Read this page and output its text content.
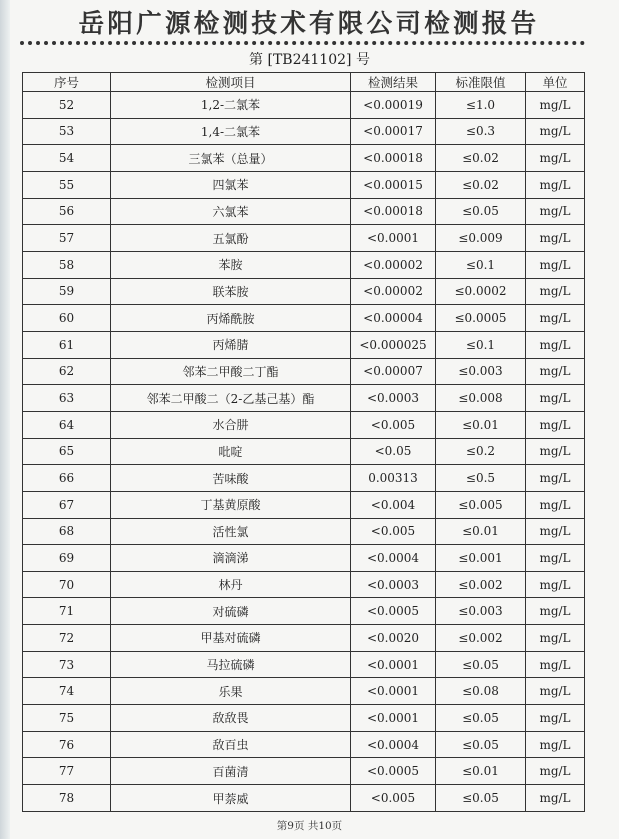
岳阳广源检测技术有限公司检测报告
第 [TB241102] 号
序号	检测项目	检测结果	标准限值	单位
52	1,2-二氯苯	<0.00019	≤1.0	mg/L
53	1,4-二氯苯	<0.00017	≤0.3	mg/L
54	三氯苯（总量）	<0.00018	≤0.02	mg/L
55	四氯苯	<0.00015	≤0.02	mg/L
56	六氯苯	<0.00018	≤0.05	mg/L
57	五氯酚	<0.0001	≤0.009	mg/L
58	苯胺	<0.00002	≤0.1	mg/L
59	联苯胺	<0.00002	≤0.0002	mg/L
60	丙烯酰胺	<0.00004	≤0.0005	mg/L
61	丙烯腈	<0.000025	≤0.1	mg/L
62	邻苯二甲酸二丁酯	<0.00007	≤0.003	mg/L
63	邻苯二甲酸二（2-乙基己基）酯	<0.0003	≤0.008	mg/L
64	水合肼	<0.005	≤0.01	mg/L
65	吡啶	<0.05	≤0.2	mg/L
66	苦味酸	0.00313	≤0.5	mg/L
67	丁基黄原酸	<0.004	≤0.005	mg/L
68	活性氯	<0.005	≤0.01	mg/L
69	滴滴涕	<0.0004	≤0.001	mg/L
70	林丹	<0.0003	≤0.002	mg/L
71	对硫磷	<0.0005	≤0.003	mg/L
72	甲基对硫磷	<0.0020	≤0.002	mg/L
73	马拉硫磷	<0.0001	≤0.05	mg/L
74	乐果	<0.0001	≤0.08	mg/L
75	敌敌畏	<0.0001	≤0.05	mg/L
76	敌百虫	<0.0004	≤0.05	mg/L
77	百菌清	<0.0005	≤0.01	mg/L
78	甲萘威	<0.005	≤0.05	mg/L
第9页 共10页
